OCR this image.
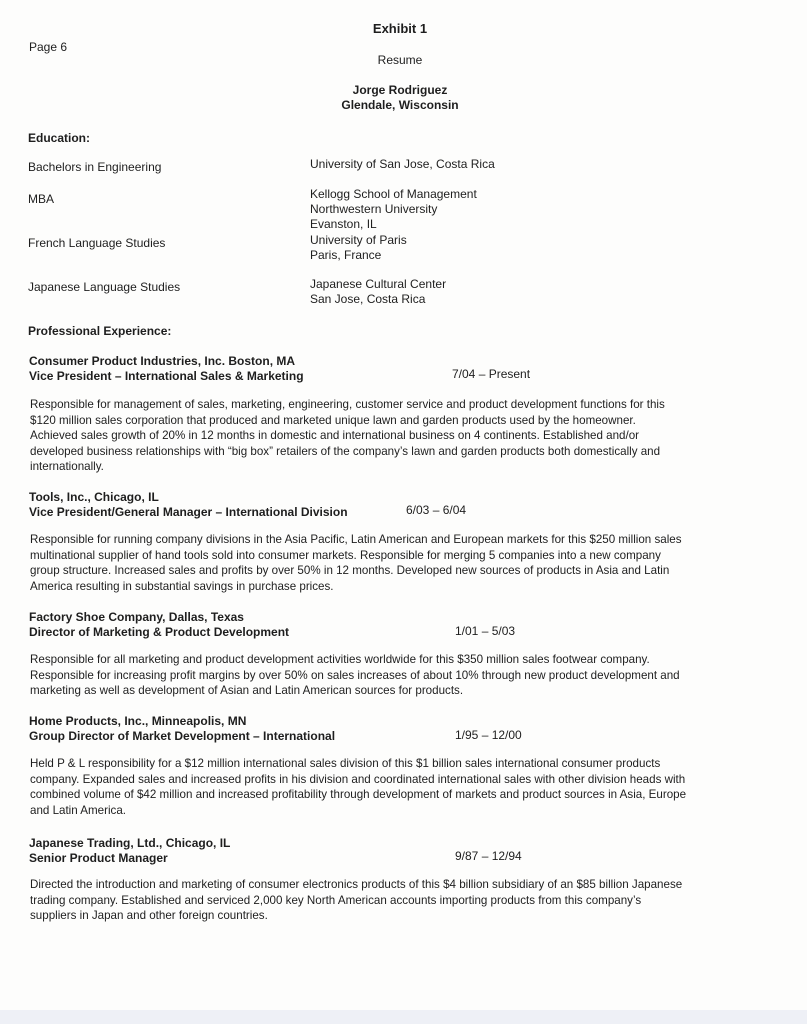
Page 6
Exhibit 1
Resume
Jorge Rodriguez
Glendale, Wisconsin
Education:
Bachelors in Engineering	University of San Jose, Costa Rica
MBA	Kellogg School of Management
Northwestern University
Evanston, IL
French Language Studies	University of Paris
Paris, France
Japanese Language Studies	Japanese Cultural Center
San Jose, Costa Rica
Professional Experience:
Consumer Product Industries, Inc. Boston, MA
Vice President – International Sales & Marketing	7/04 – Present
Responsible for management of sales, marketing, engineering, customer service and product development functions for this
$120 million sales corporation that produced and marketed unique lawn and garden products used by the homeowner.
Achieved sales growth of 20% in 12 months in domestic and international business on 4 continents. Established and/or
developed business relationships with “big box” retailers of the company’s lawn and garden products both domestically and
internationally.
Tools, Inc., Chicago, IL
Vice President/General Manager – International Division	6/03 – 6/04
Responsible for running company divisions in the Asia Pacific, Latin American and European markets for this $250 million sales
multinational supplier of hand tools sold into consumer markets. Responsible for merging 5 companies into a new company
group structure. Increased sales and profits by over 50% in 12 months. Developed new sources of products in Asia and Latin
America resulting in substantial savings in purchase prices.
Factory Shoe Company, Dallas, Texas
Director of Marketing & Product Development	1/01 – 5/03
Responsible for all marketing and product development activities worldwide for this $350 million sales footwear company.
Responsible for increasing profit margins by over 50% on sales increases of about 10% through new product development and
marketing as well as development of Asian and Latin American sources for products.
Home Products, Inc., Minneapolis, MN
Group Director of Market Development – International	1/95 – 12/00
Held P & L responsibility for a $12 million international sales division of this $1 billion sales international consumer products
company. Expanded sales and increased profits in his division and coordinated international sales with other division heads with
combined volume of $42 million and increased profitability through development of markets and product sources in Asia, Europe
and Latin America.
Japanese Trading, Ltd., Chicago, IL
Senior Product Manager	9/87 – 12/94
Directed the introduction and marketing of consumer electronics products of this $4 billion subsidiary of an $85 billion Japanese
trading company. Established and serviced 2,000 key North American accounts importing products from this company’s
suppliers in Japan and other foreign countries.
